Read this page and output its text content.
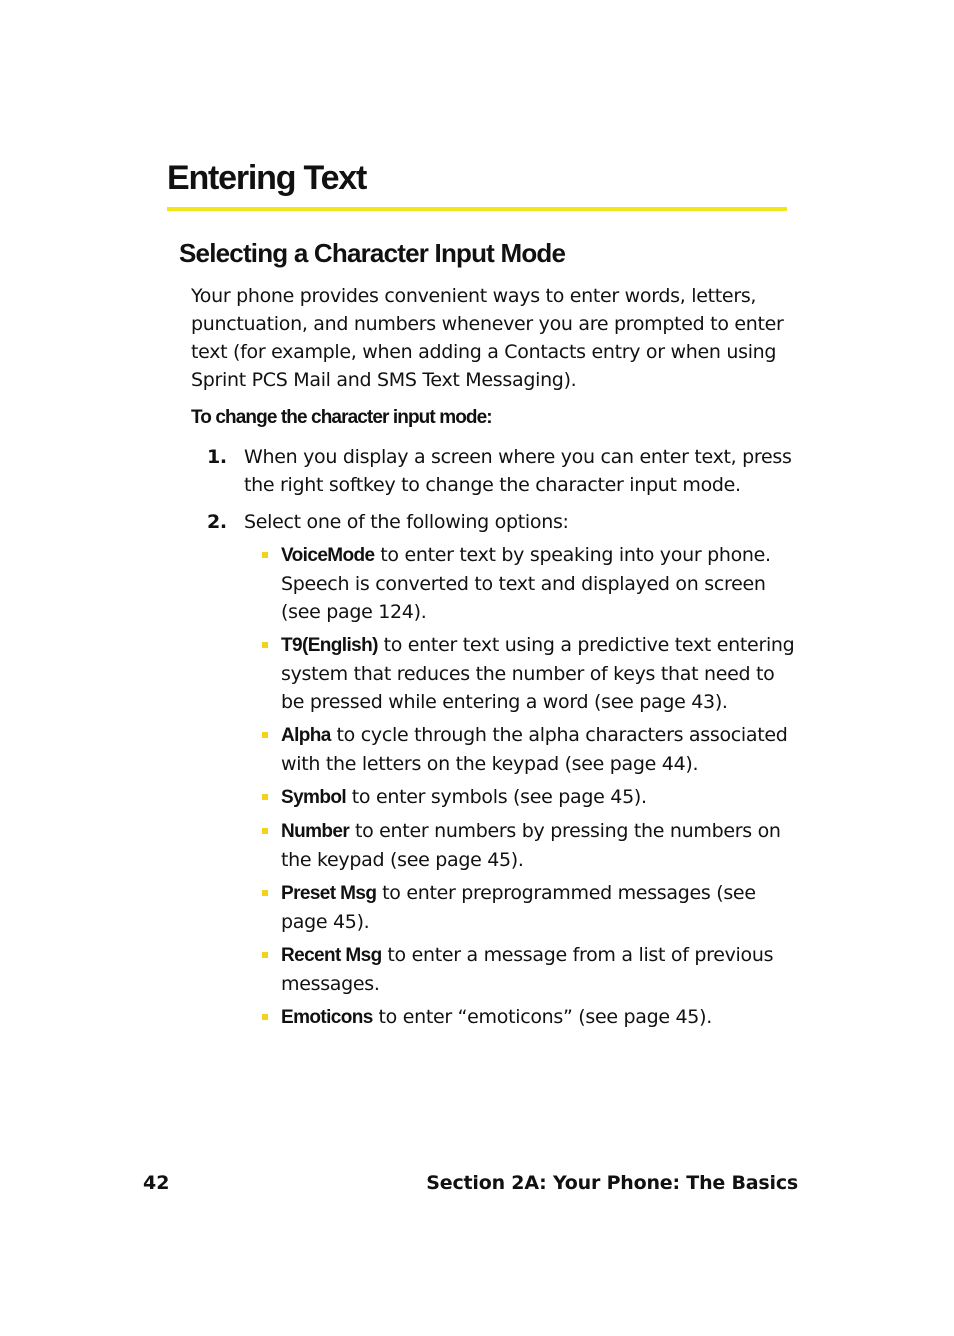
Entering Text
Selecting a Character Input Mode

Your phone provides convenient ways to enter words, letters, punctuation, and numbers whenever you are prompted to enter text (for example, when adding a Contacts entry or when using Sprint PCS Mail and SMS Text Messaging).

To change the character input mode:
1. When you display a screen where you can enter text, press the right softkey to change the character input mode.
2. Select one of the following options:
VoiceMode to enter text by speaking into your phone. Speech is converted to text and displayed on screen (see page 124).
T9(English) to enter text using a predictive text entering system that reduces the number of keys that need to be pressed while entering a word (see page 43).
Alpha to cycle through the alpha characters associated with the letters on the keypad (see page 44).
Symbol to enter symbols (see page 45).
Number to enter numbers by pressing the numbers on the keypad (see page 45).
Preset Msg to enter preprogrammed messages (see page 45).
Recent Msg to enter a message from a list of previous messages.
Emoticons to enter “emoticons” (see page 45).
42	Section 2A: Your Phone: The Basics
